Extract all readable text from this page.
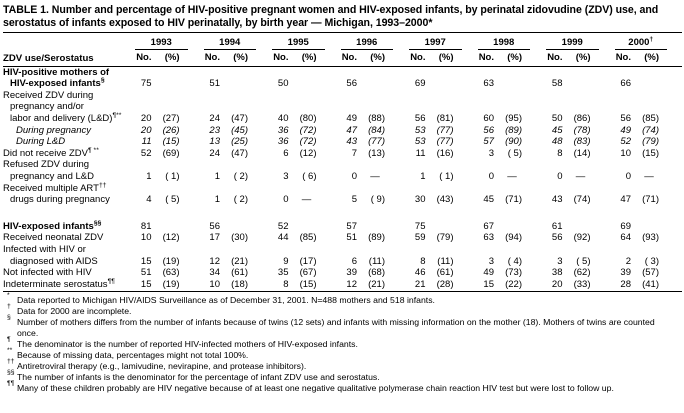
TABLE 1. Number and percentage of HIV-positive pregnant women and HIV-exposed infants, by perinatal zidovudine (ZDV) use, and
serostatus of infants exposed to HIV perinatally, by birth year — Michigan, 1993–2000*
1993	1994	1995	1996	1997	1998	1999	2000†
ZDV use/Serostatus	No.	(%)	No.	(%)	No.	(%)	No.	(%)	No.	(%)	No.	(%)	No.	(%)	No.	(%)
HIV-positive mothers of
HIV-exposed infants§	75	51	50	56	69	63	58	66
Received ZDV during
pregnancy and/or
labor and delivery (L&D)¶**	20	(27)	24	(47)	40	(80)	49	(88)	56	(81)	60	(95)	50	(86)	56	(85)
During pregnancy	20	(26)	23	(45)	36	(72)	47	(84)	53	(77)	56	(89)	45	(78)	49	(74)
During L&D	11	(15)	13	(25)	36	(72)	43	(77)	53	(77)	57	(90)	48	(83)	52	(79)
Did not receive ZDV¶ **	52	(69)	24	(47)	6	(12)	7	(13)	11	(16)	3	( 5)	8	(14)	10	(15)
Refused ZDV during
pregnancy and L&D	1	( 1)	1	( 2)	3	( 6)	0	—	1	( 1)	0	—	0	—	0	—
Received multiple ART††
drugs during pregnancy	4	( 5)	1	( 2)	0	—	5	( 9)	30	(43)	45	(71)	43	(74)	47	(71)
HIV-exposed infants§§	81	56	52	57	75	67	61	69
Received neonatal ZDV	10	(12)	17	(30)	44	(85)	51	(89)	59	(79)	63	(94)	56	(92)	64	(93)
Infected with HIV or
diagnosed with AIDS	15	(19)	12	(21)	9	(17)	6	(11)	8	(11)	3	( 4)	3	( 5)	2	( 3)
Not infected with HIV	51	(63)	34	(61)	35	(67)	39	(68)	46	(61)	49	(73)	38	(62)	39	(57)
Indeterminate serostatus¶¶	15	(19)	10	(18)	8	(15)	12	(21)	21	(28)	15	(22)	20	(33)	28	(41)
* Data reported to Michigan HIV/AIDS Surveillance as of December 31, 2001. N=488 mothers and 518 infants.
† Data for 2000 are incomplete.
§ Number of mothers differs from the number of infants because of twins (12 sets) and infants with missing information on the mother (18). Mothers of twins are counted once.
¶ The denominator is the number of reported HIV-infected mothers of HIV-exposed infants.
** Because of missing data, percentages might not total 100%.
†† Antiretroviral therapy (e.g., lamivudine, nevirapine, and protease inhibitors).
§§ The number of infants is the denominator for the percentage of infant ZDV use and serostatus.
¶¶ Many of these children probably are HIV negative because of at least one negative qualitative polymerase chain reaction HIV test but were lost to follow up.
